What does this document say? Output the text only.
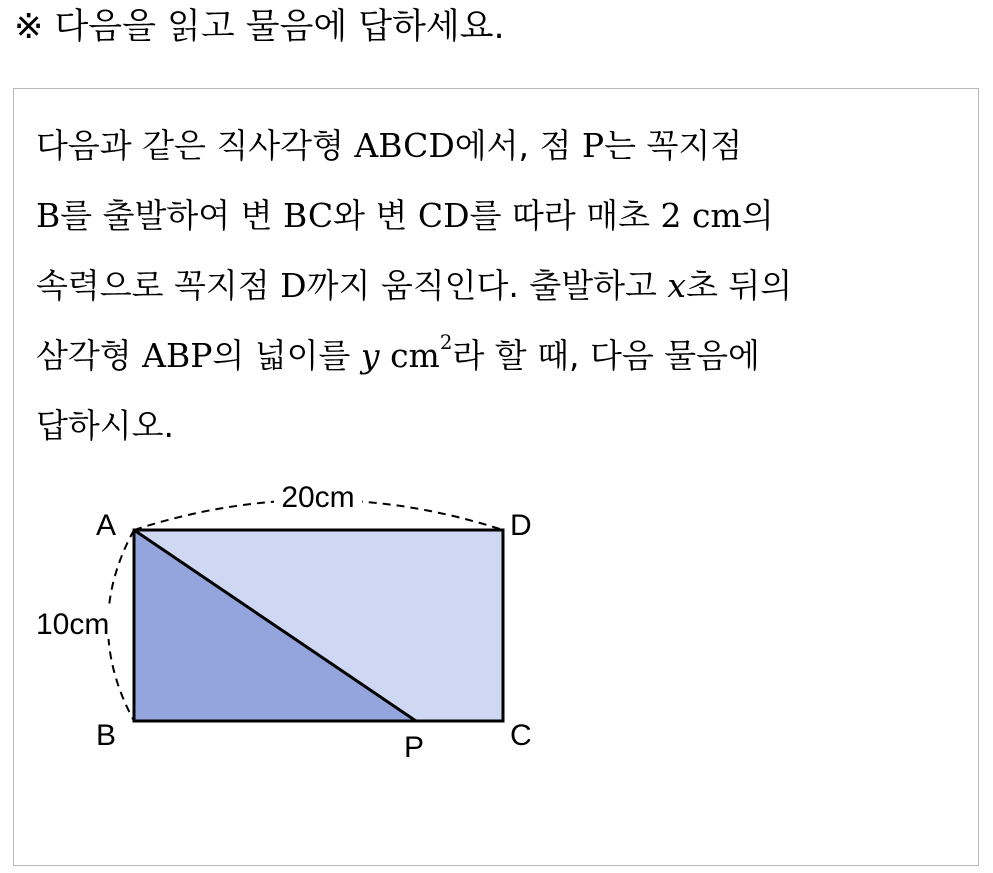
※ 다음을 읽고 물음에 답하세요.

다음과 같은 직사각형 ABCD에서, 점 P는 꼭지점
B를 출발하여 변 BC와 변 CD를 따라 매초 2 cm의
속력으로 꼭지점 D까지 움직인다. 출발하고 x초 뒤의
삼각형 ABP의 넓이를 y $cm^2$라 할 때, 다음 물음에
답하시오.

20cm
10cm
A	D
B	C
P
